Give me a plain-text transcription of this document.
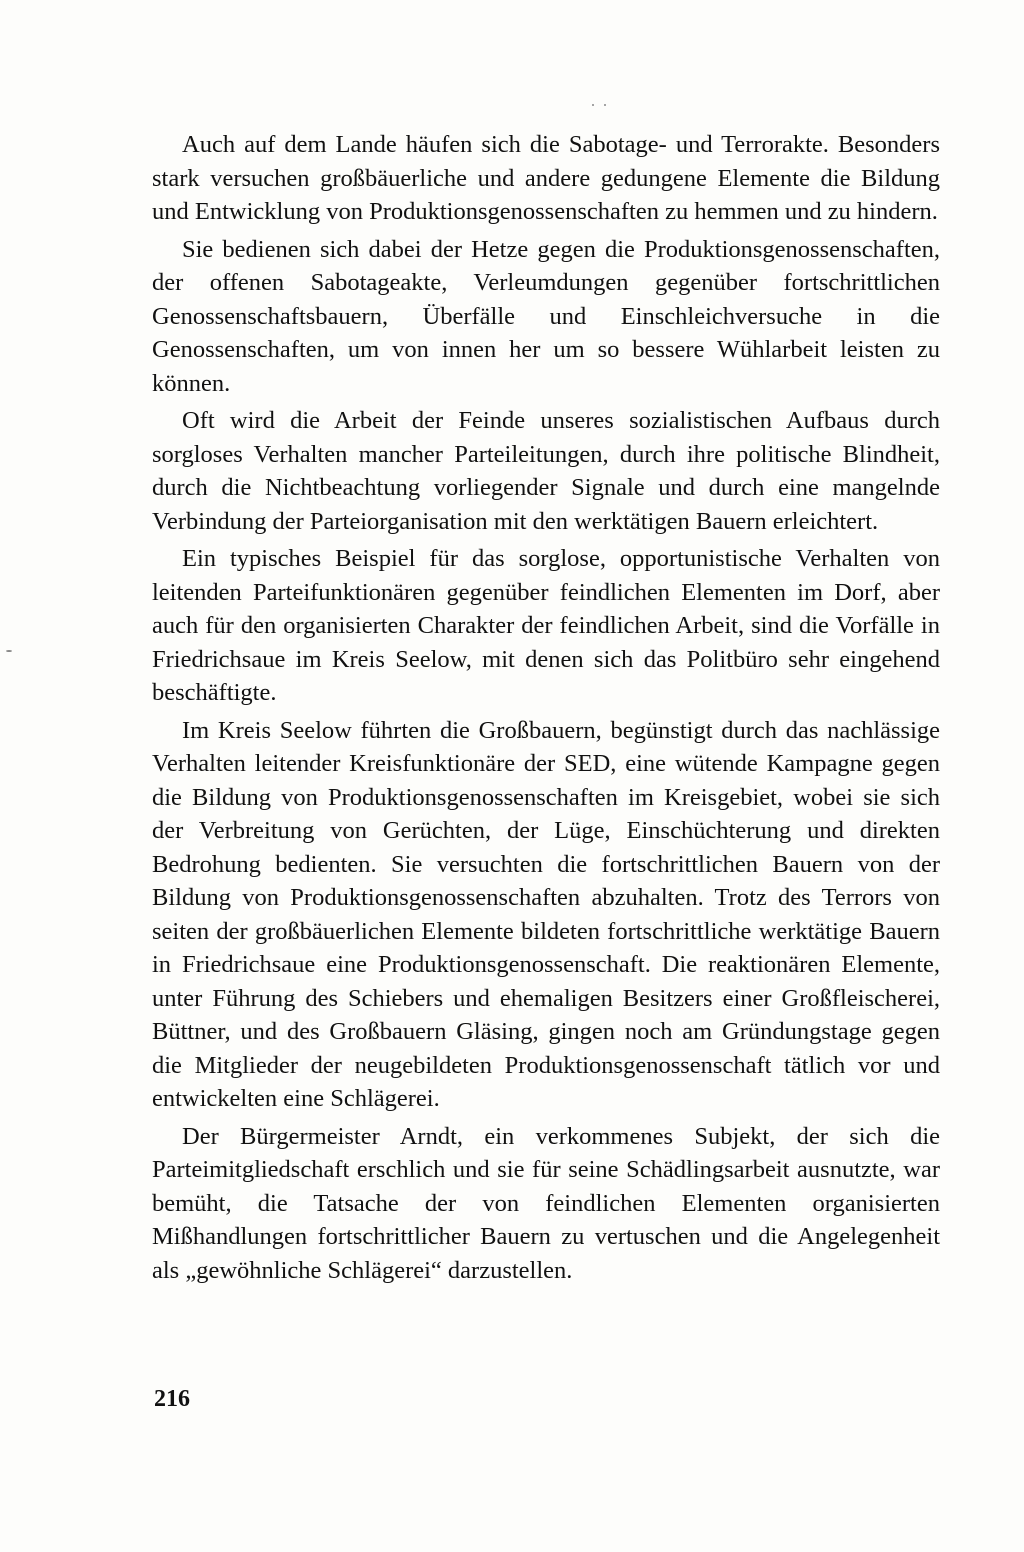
Auch auf dem Lande häufen sich die Sabotage- und Terrorakte. Besonders stark versuchen großbäuerliche und andere gedungene Elemente die Bildung und Entwicklung von Produktionsgenossenschaften zu hemmen und zu hindern.

Sie bedienen sich dabei der Hetze gegen die Produktionsgenossenschaften, der offenen Sabotageakte, Verleumdungen gegenüber fortschrittlichen Genossenschaftsbauern, Überfälle und Einschleichversuche in die Genossenschaften, um von innen her um so bessere Wühlarbeit leisten zu können.

Oft wird die Arbeit der Feinde unseres sozialistischen Aufbaus durch sorgloses Verhalten mancher Parteileitungen, durch ihre politische Blindheit, durch die Nichtbeachtung vorliegender Signale und durch eine mangelnde Verbindung der Parteiorganisation mit den werktätigen Bauern erleichtert.

Ein typisches Beispiel für das sorglose, opportunistische Verhalten von leitenden Parteifunktionären gegenüber feindlichen Elementen im Dorf, aber auch für den organisierten Charakter der feindlichen Arbeit, sind die Vorfälle in Friedrichsaue im Kreis Seelow, mit denen sich das Politbüro sehr eingehend beschäftigte.

Im Kreis Seelow führten die Großbauern, begünstigt durch das nachlässige Verhalten leitender Kreisfunktionäre der SED, eine wütende Kampagne gegen die Bildung von Produktionsgenossenschaften im Kreisgebiet, wobei sie sich der Verbreitung von Gerüchten, der Lüge, Einschüchterung und direkten Bedrohung bedienten. Sie versuchten die fortschrittlichen Bauern von der Bildung von Produktionsgenossenschaften abzuhalten. Trotz des Terrors von seiten der großbäuerlichen Elemente bildeten fortschrittliche werktätige Bauern in Friedrichsaue eine Produktionsgenossenschaft. Die reaktionären Elemente, unter Führung des Schiebers und ehemaligen Besitzers einer Großfleischerei, Büttner, und des Großbauern Gläsing, gingen noch am Gründungstage gegen die Mitglieder der neugebildeten Produktionsgenossenschaft tätlich vor und entwickelten eine Schlägerei.

Der Bürgermeister Arndt, ein verkommenes Subjekt, der sich die Parteimitgliedschaft erschlich und sie für seine Schädlingsarbeit ausnutzte, war bemüht, die Tatsache der von feindlichen Elementen organisierten Mißhandlungen fortschrittlicher Bauern zu vertuschen und die Angelegenheit als „gewöhnliche Schlägerei“ darzustellen.

216
